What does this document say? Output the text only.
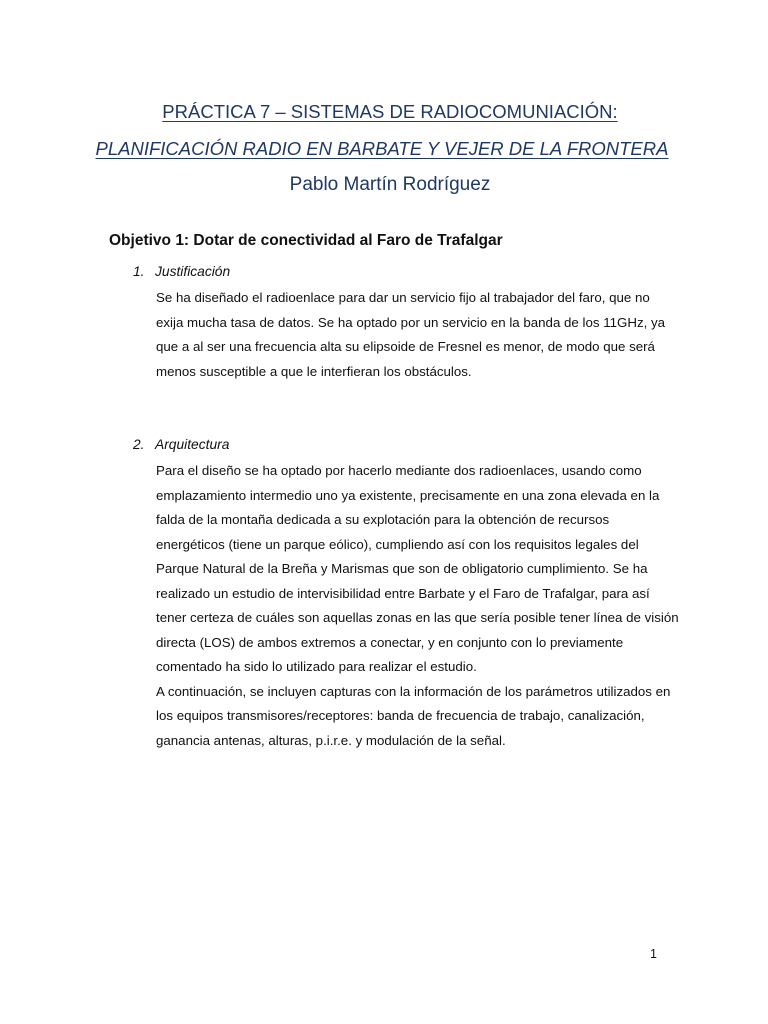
PRÁCTICA 7 – SISTEMAS DE RADIOCOMUNIACIÓN:
PLANIFICACIÓN RADIO EN BARBATE Y VEJER DE LA FRONTERA
Pablo Martín Rodríguez
Objetivo 1: Dotar de conectividad al Faro de Trafalgar
1. Justificación
Se ha diseñado el radioenlace para dar un servicio fijo al trabajador del faro, que no
exija mucha tasa de datos. Se ha optado por un servicio en la banda de los 11GHz, ya
que a al ser una frecuencia alta su elipsoide de Fresnel es menor, de modo que será
menos susceptible a que le interfieran los obstáculos.
2. Arquitectura
Para el diseño se ha optado por hacerlo mediante dos radioenlaces, usando como
emplazamiento intermedio uno ya existente, precisamente en una zona elevada en la
falda de la montaña dedicada a su explotación para la obtención de recursos
energéticos (tiene un parque eólico), cumpliendo así con los requisitos legales del
Parque Natural de la Breña y Marismas que son de obligatorio cumplimiento. Se ha
realizado un estudio de intervisibilidad entre Barbate y el Faro de Trafalgar, para así
tener certeza de cuáles son aquellas zonas en las que sería posible tener línea de visión
directa (LOS) de ambos extremos a conectar, y en conjunto con lo previamente
comentado ha sido lo utilizado para realizar el estudio.
A continuación, se incluyen capturas con la información de los parámetros utilizados en
los equipos transmisores/receptores: banda de frecuencia de trabajo, canalización,
ganancia antenas, alturas, p.i.r.e. y modulación de la señal.
1
